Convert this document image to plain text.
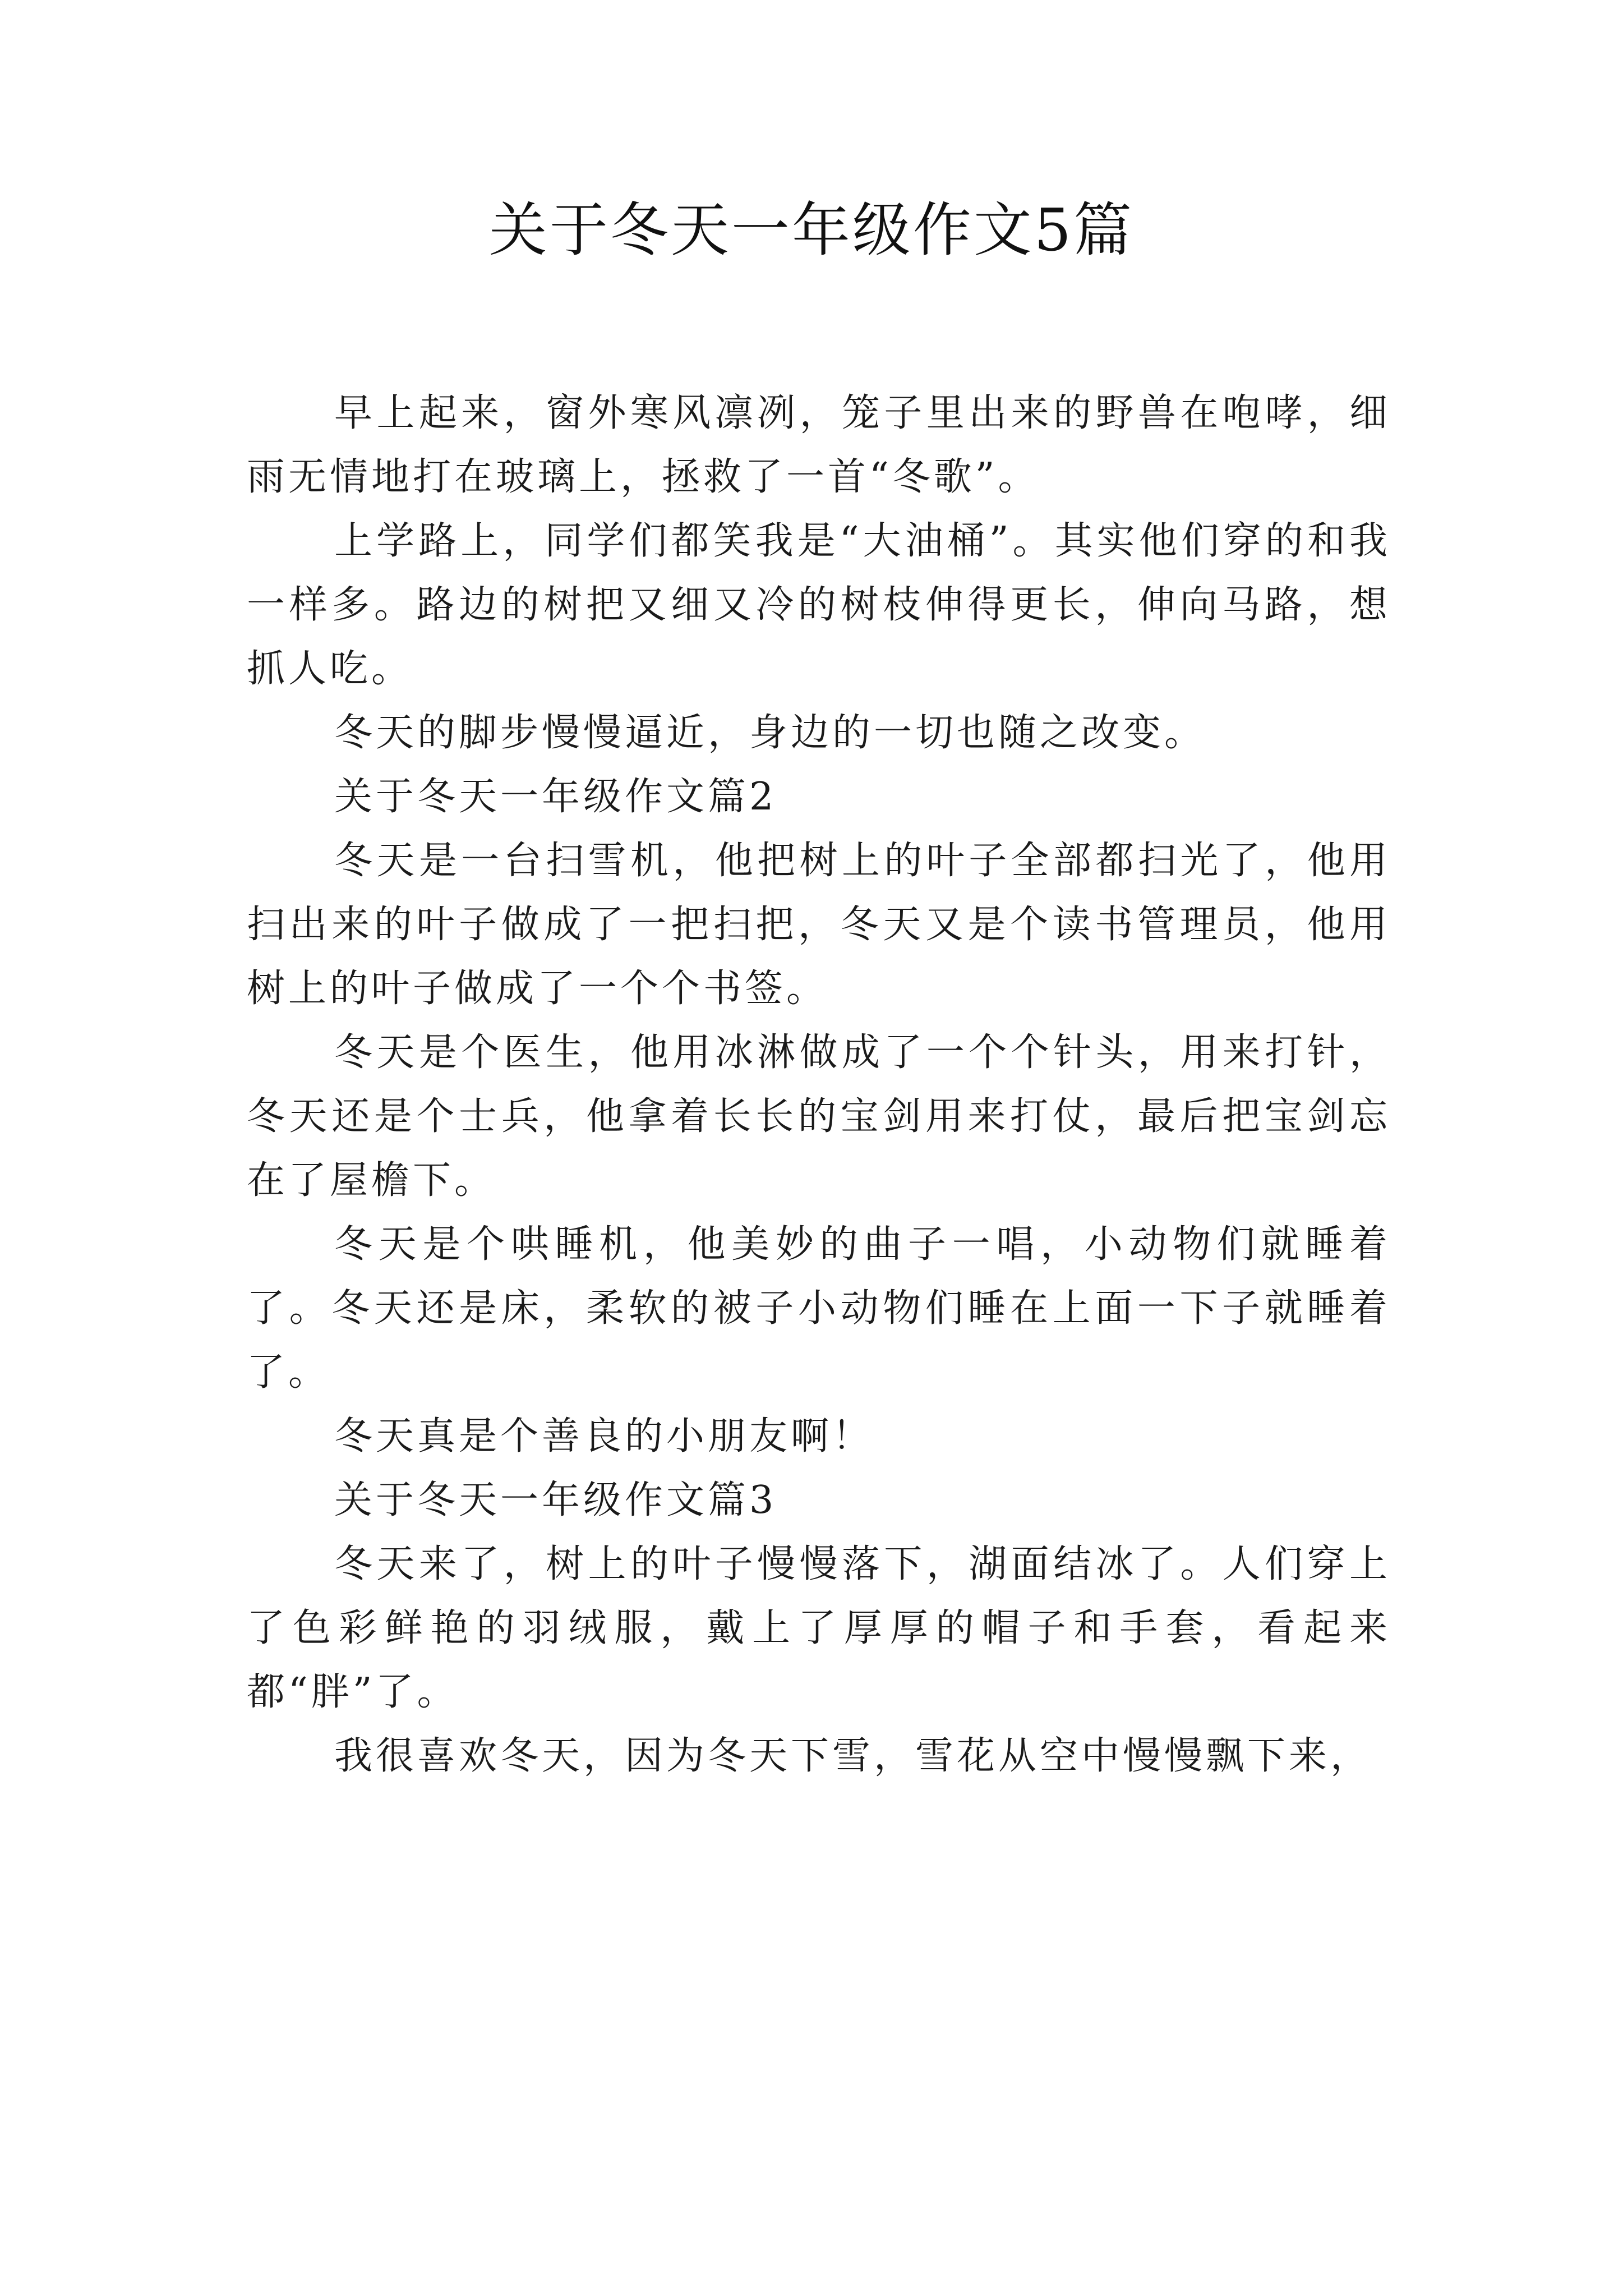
关于冬天一年级作文5篇

早上起来，窗外寒风凛冽，笼子里出来的野兽在咆哮，细雨无情地打在玻璃上，拯救了一首“冬歌”。

上学路上，同学们都笑我是“大油桶”。其实他们穿的和我一样多。路边的树把又细又冷的树枝伸得更长，伸向马路，想抓人吃。

冬天的脚步慢慢逼近，身边的一切也随之改变。

关于冬天一年级作文篇2

冬天是一台扫雪机，他把树上的叶子全部都扫光了，他用扫出来的叶子做成了一把扫把，冬天又是个读书管理员，他用树上的叶子做成了一个个书签。

冬天是个医生，他用冰淋做成了一个个针头，用来打针，冬天还是个士兵，他拿着长长的宝剑用来打仗，最后把宝剑忘在了屋檐下。

冬天是个哄睡机，他美妙的曲子一唱，小动物们就睡着了。冬天还是床，柔软的被子小动物们睡在上面一下子就睡着了。

冬天真是个善良的小朋友啊！

关于冬天一年级作文篇3

冬天来了，树上的叶子慢慢落下，湖面结冰了。人们穿上了色彩鲜艳的羽绒服，戴上了厚厚的帽子和手套，看起来都“胖”了。

我很喜欢冬天，因为冬天下雪，雪花从空中慢慢飘下来，
